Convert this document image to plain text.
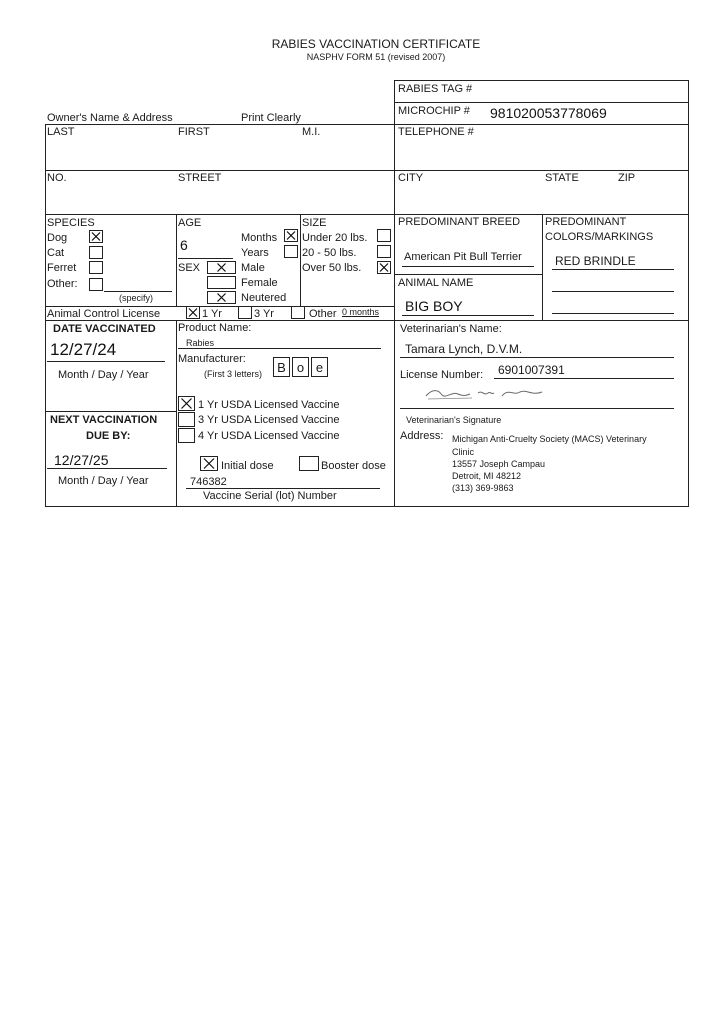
RABIES VACCINATION CERTIFICATE
NASPHV FORM 51 (revised 2007)
RABIES TAG #
MICROCHIP # 981020053778069
TELEPHONE #
Owner's Name & Address	Print Clearly
LAST	FIRST	M.I.
NO.	STREET	CITY	STATE	ZIP
SPECIES
Dog
Cat
Ferret
Other:
(specify)
AGE
6	Months
Years
SEX	Male
Female
Neutered
SIZE
Under 20 lbs.
20 - 50 lbs.
Over 50 lbs.
PREDOMINANT BREED
American Pit Bull Terrier
PREDOMINANT
COLORS/MARKINGS
RED BRINDLE
ANIMAL NAME
BIG BOY
Animal Control License	1 Yr	3 Yr	Other 0 months
DATE VACCINATED
12/27/24
Month / Day / Year
NEXT VACCINATION
DUE BY:
12/27/25
Month / Day / Year
Product Name:
Rabies
Manufacturer:
(First 3 letters)	B o e
1 Yr USDA Licensed Vaccine
3 Yr USDA Licensed Vaccine
4 Yr USDA Licensed Vaccine
Initial dose	Booster dose
746382
Vaccine Serial (lot) Number
Veterinarian's Name:
Tamara Lynch, D.V.M.
License Number: 6901007391
Veterinarian's Signature
Address: Michigan Anti-Cruelty Society (MACS) Veterinary
Clinic
13557 Joseph Campau
Detroit, MI 48212
(313) 369-9863
